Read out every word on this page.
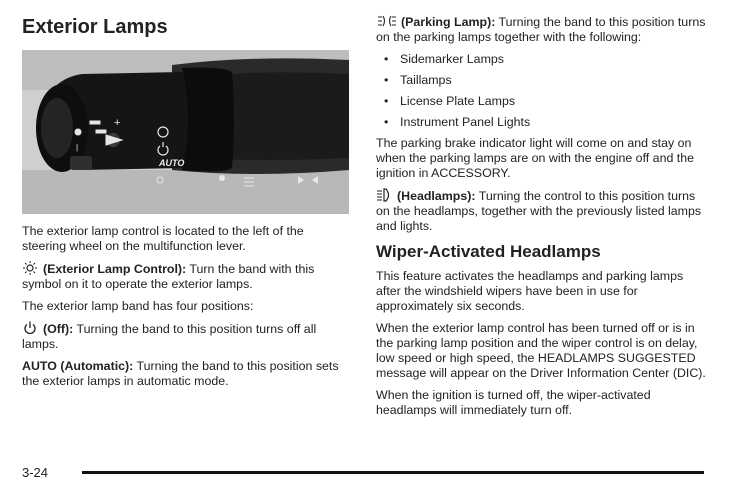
Exterior Lamps
|
+
AUTO

The exterior lamp control is located to the left of the steering wheel on the multifunction lever.

(Exterior Lamp Control): Turn the band with this symbol on it to operate the exterior lamps.

The exterior lamp band has four positions:

(Off): Turning the band to this position turns off all lamps.

AUTO (Automatic): Turning the band to this position sets the exterior lamps in automatic mode.

(Parking Lamp): Turning the band to this position turns on the parking lamps together with the following:

• Sidemarker Lamps
• Taillamps
• License Plate Lamps
• Instrument Panel Lights

The parking brake indicator light will come on and stay on when the parking lamps are on with the engine off and the ignition in ACCESSORY.

(Headlamps): Turning the control to this position turns on the headlamps, together with the previously listed lamps and lights.

Wiper-Activated Headlamps

This feature activates the headlamps and parking lamps after the windshield wipers have been in use for approximately six seconds.

When the exterior lamp control has been turned off or is in the parking lamp position and the wiper control is on delay, low speed or high speed, the HEADLAMPS SUGGESTED message will appear on the Driver Information Center (DIC).

When the ignition is turned off, the wiper-activated headlamps will immediately turn off.

3-24
